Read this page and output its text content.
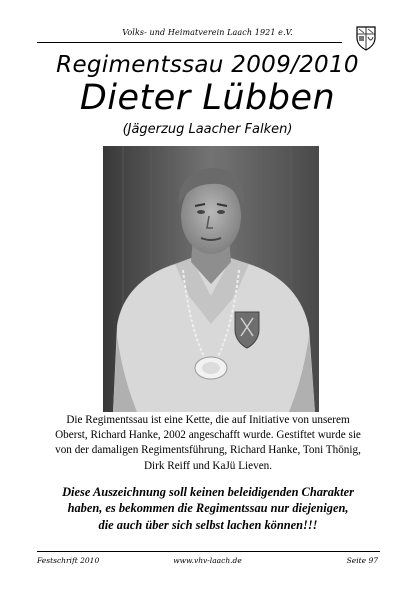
Volks- und Heimatverein Laach 1921 e.V.
Regimentssau 2009/2010
Dieter Lübben
(Jägerzug Laacher Falken)
Die Regimentssau ist eine Kette, die auf Initiative von unserem
Oberst, Richard Hanke, 2002 angeschafft wurde. Gestiftet wurde sie
von der damaligen Regimentsführung, Richard Hanke, Toni Thönig,
Dirk Reiff und KaJü Lieven.
Diese Auszeichnung soll keinen beleidigenden Charakter
haben, es bekommen die Regimentssau nur diejenigen,
die auch über sich selbst lachen können!!!
Festschrift 2010	www.vhv-laach.de	Seite 97
